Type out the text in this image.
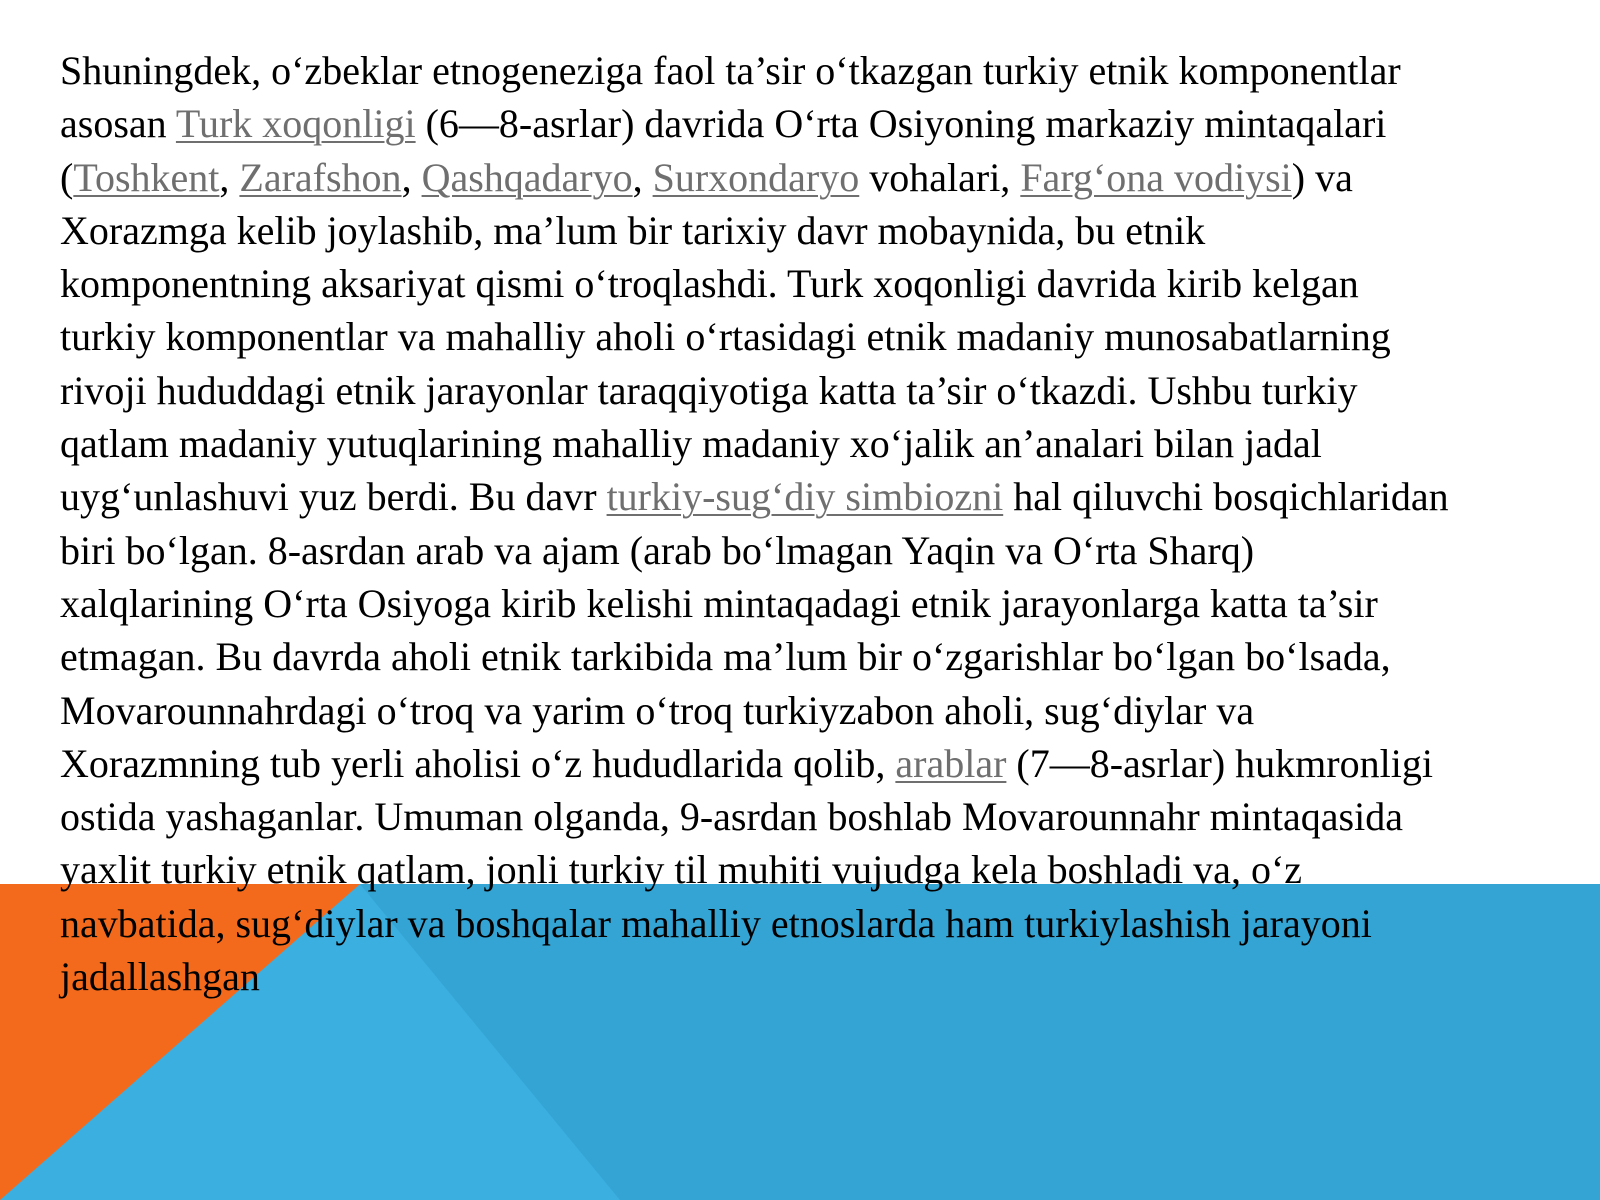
Shuningdek, o‘zbeklar etnogeneziga faol ta’sir o‘tkazgan turkiy etnik komponentlar asosan Turk xoqonligi (6—8-asrlar) davrida O‘rta Osiyoning markaziy mintaqalari (Toshkent, Zarafshon, Qashqadaryo, Surxondaryo vohalari, Farg‘ona vodiysi) va Xorazmga kelib joylashib, ma’lum bir tarixiy davr mobaynida, bu etnik komponentning aksariyat qismi o‘troqlashdi. Turk xoqonligi davrida kirib kelgan turkiy komponentlar va mahalliy aholi o‘rtasidagi etnik madaniy munosabatlarning rivoji hududdagi etnik jarayonlar taraqqiyotiga katta ta’sir o‘tkazdi. Ushbu turkiy qatlam madaniy yutuqlarining mahalliy madaniy xo‘jalik an’analari bilan jadal uyg‘unlashuvi yuz berdi. Bu davr turkiy-sug‘diy simbiozni hal qiluvchi bosqichlaridan biri bo‘lgan. 8-asrdan arab va ajam (arab bo‘lmagan Yaqin va O‘rta Sharq) xalqlarining O‘rta Osiyoga kirib kelishi mintaqadagi etnik jarayonlarga katta ta’sir etmagan. Bu davrda aholi etnik tarkibida ma’lum bir o‘zgarishlar bo‘lgan bo‘lsada, Movarounnahrdagi o‘troq va yarim o‘troq turkiyzabon aholi, sug‘diylar va Xorazmning tub yerli aholisi o‘z hududlarida qolib, arablar (7—8-asrlar) hukmronligi ostida yashaganlar. Umuman olganda, 9-asrdan boshlab Movarounnahr mintaqasida yaxlit turkiy etnik qatlam, jonli turkiy til muhiti vujudga kela boshladi va, o‘z navbatida, sug‘diylar va boshqalar mahalliy etnoslarda ham turkiylashish jarayoni jadallashgan
